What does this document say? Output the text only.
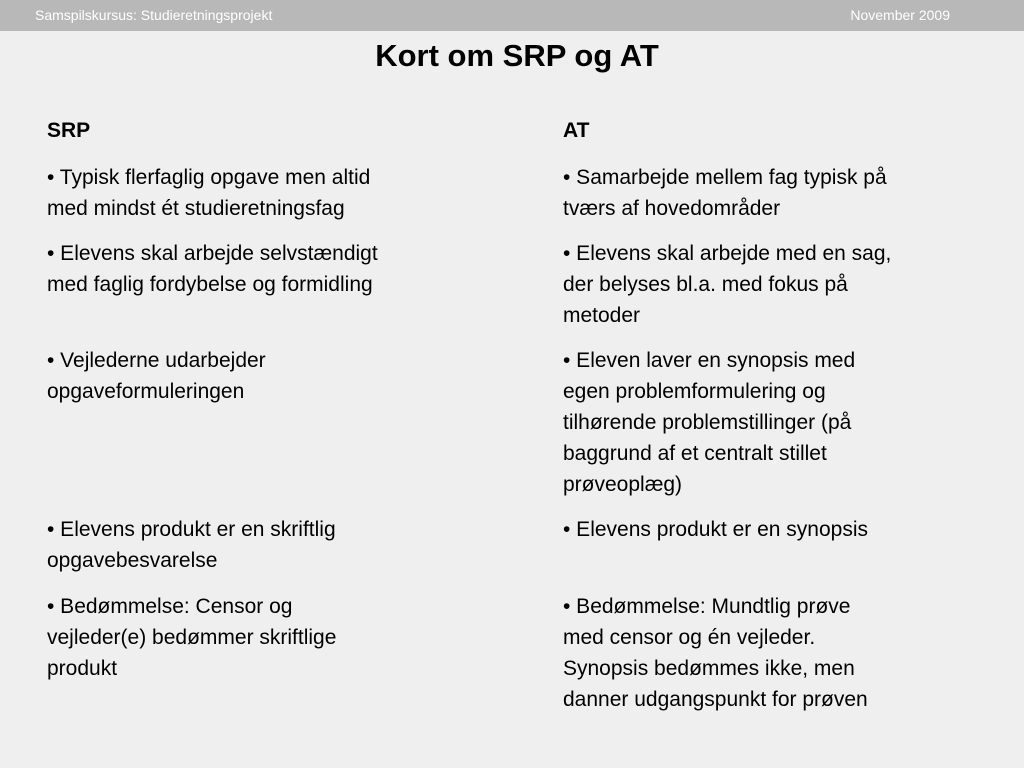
Samspilskursus: Studieretningsprojekt	November 2009
Kort om SRP og AT
SRP

• Typisk flerfaglig opgave men altid
med mindst ét studieretningsfag

• Elevens skal arbejde selvstændigt
med faglig fordybelse og formidling

• Vejlederne udarbejder
opgaveformuleringen

• Elevens produkt er en skriftlig
opgavebesvarelse

• Bedømmelse: Censor og
vejleder(e) bedømmer skriftlige
produkt

AT

• Samarbejde mellem fag typisk på
tværs af hovedområder

• Elevens skal arbejde med en sag,
der belyses bl.a. med fokus på
metoder

• Eleven laver en synopsis med
egen problemformulering og
tilhørende problemstillinger (på
baggrund af et centralt stillet
prøveoplæg)

• Elevens produkt er en synopsis

• Bedømmelse: Mundtlig prøve
med censor og én vejleder.
Synopsis bedømmes ikke, men
danner udgangspunkt for prøven
